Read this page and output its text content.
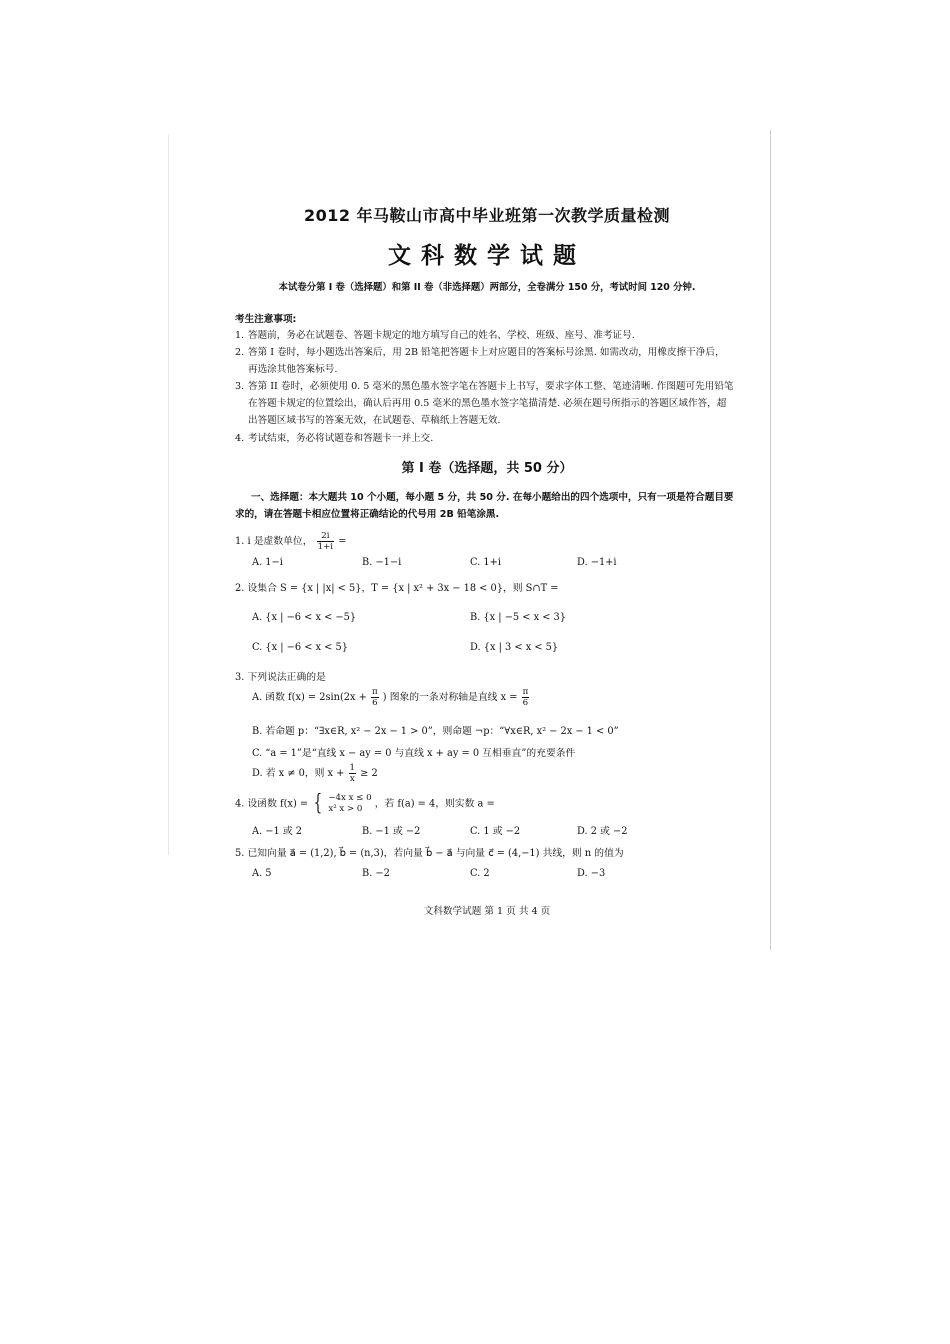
2012 年马鞍山市高中毕业班第一次教学质量检测
文科数学试题
本试卷分第 I 卷（选择题）和第 II 卷（非选择题）两部分，全卷满分 150 分，考试时间 120 分钟.
考生注意事项:
1. 答题前，务必在试题卷、答题卡规定的地方填写自己的姓名、学校、班级、座号、准考证号.
2. 答第 I 卷时，每小题选出答案后，用 2B 铅笔把答题卡上对应题目的答案标号涂黑. 如需改动，用橡皮擦干净后，再选涂其他答案标号.
3. 答第 II 卷时，必须使用 0. 5 毫米的黑色墨水签字笔在答题卡上书写，要求字体工整、笔迹清晰. 作图题可先用铅笔在答题卡规定的位置绘出，确认后再用 0.5 毫米的黑色墨水签字笔描清楚. 必须在题号所指示的答题区域作答，超出答题区域书写的答案无效，在试题卷、草稿纸上答题无效.
4. 考试结束，务必将试题卷和答题卡一并上交.
第 I 卷（选择题，共 50 分）
一、选择题：本大题共 10 个小题，每小题 5 分，共 50 分. 在每小题给出的四个选项中，只有一项是符合题目要求的，请在答题卡相应位置将正确结论的代号用 2B 铅笔涂黑.
1. i 是虚数单位， $\frac{2i}{1+i}$ =
A. 1−i	B. −1−i	C. 1+i	D. −1+i
2. 设集合 S = {x | |x| < 5}，T = {x | x² + 3x − 18 < 0}，则 S∩T =
A. {x | −6 < x < −5}	B. {x | −5 < x < 3}
C. {x | −6 < x < 5}	D. {x | 3 < x < 5}
3. 下列说法正确的是
A. 函数 $f(x) = 2\sin(2x + \frac{\pi}{6}$ ) 图象的一条对称轴是直线 $x = \frac{\pi}{6}$
B. 若命题 p：“∃x∈R, x² − 2x − 1 > 0”，则命题 ¬p：“∀x∈R, x² − 2x − 1 < 0”
C. “a = 1”是“直线 x − ay = 0 与直线 x + ay = 0 互相垂直”的充要条件
D. 若 x ≠ 0，则 $x + \frac{1}{x} \ge 2$
4. 设函数 f(x) = { −4x x ≤ 0
x² x > 0	，若 f(a) = 4，则实数 a =
A. −1 或 2	B. −1 或 −2	C. 1 或 −2	D. 2 或 −2
5. 已知向量 a⃗ = (1,2), b⃗ = (n,3)，若向量 b⃗ − a⃗ 与向量 c⃗ = (4,−1) 共线，则 n 的值为
A. 5	B. −2	C. 2	D. −3
文科数学试题 第 1 页 共 4 页
